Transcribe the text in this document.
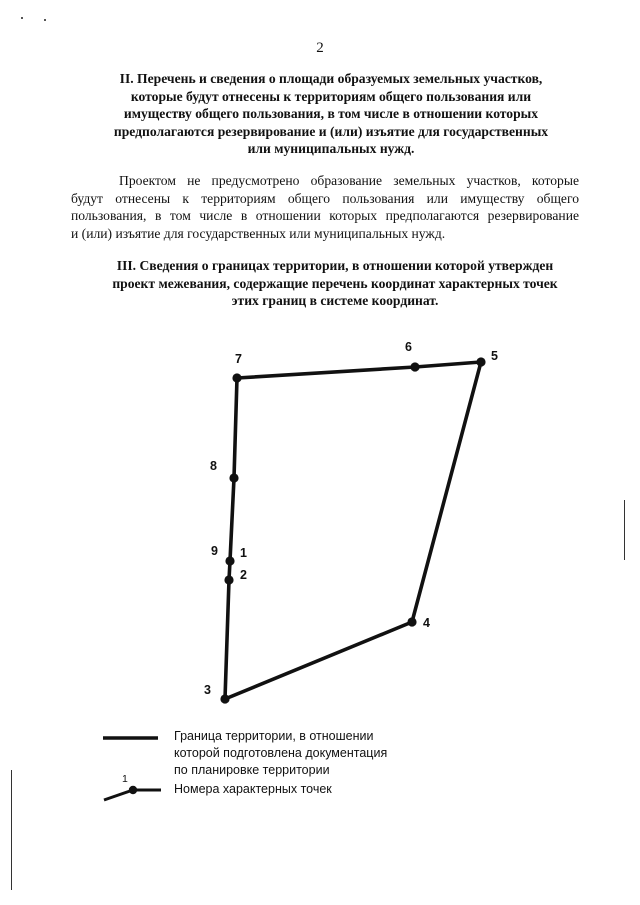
2
II. Перечень и сведения о площади образуемых земельных участков,
которые будут отнесены к территориям общего пользования или
имуществу общего пользования, в том числе в отношении которых
предполагаются резервирование и (или) изъятие для государственных
или муниципальных нужд.
Проектом не предусмотрено образование земельных участков, которые
будут отнесены к территориям общего пользования или имуществу общего
пользования, в том числе в отношении которых предполагаются резервирование
и (или) изъятие для государственных или муниципальных нужд.
III. Сведения о границах территории, в отношении которой утвержден
проект межевания, содержащие перечень координат характерных точек
этих границ в системе координат.
1
2
3
4
5
6
7
8
9
1
Граница территории, в отношении
которой подготовлена документация
по планировке территории
Номера характерных точек
